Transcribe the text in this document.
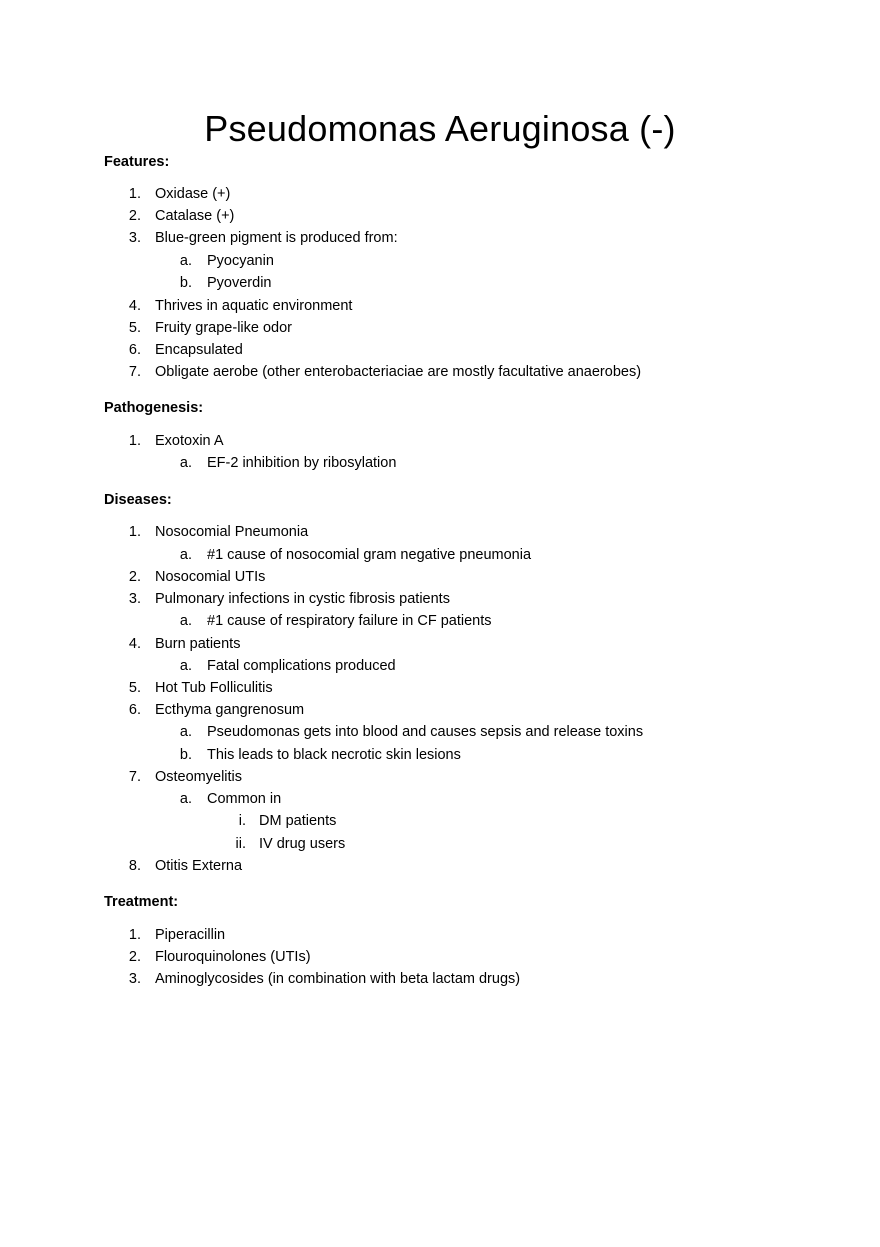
Pseudomonas Aeruginosa (-)
Features:
1. Oxidase (+)
2. Catalase (+)
3. Blue-green pigment is produced from:
a. Pyocyanin
b. Pyoverdin
4. Thrives in aquatic environment
5. Fruity grape-like odor
6. Encapsulated
7. Obligate aerobe (other enterobacteriaciae are mostly facultative anaerobes)
Pathogenesis:
1. Exotoxin A
a. EF-2 inhibition by ribosylation
Diseases:
1. Nosocomial Pneumonia
a. #1 cause of nosocomial gram negative pneumonia
2. Nosocomial UTIs
3. Pulmonary infections in cystic fibrosis patients
a. #1 cause of respiratory failure in CF patients
4. Burn patients
a. Fatal complications produced
5. Hot Tub Folliculitis
6. Ecthyma gangrenosum
a. Pseudomonas gets into blood and causes sepsis and release toxins
b. This leads to black necrotic skin lesions
7. Osteomyelitis
a. Common in
i. DM patients
ii. IV drug users
8. Otitis Externa
Treatment:
1. Piperacillin
2. Flouroquinolones (UTIs)
3. Aminoglycosides (in combination with beta lactam drugs)
